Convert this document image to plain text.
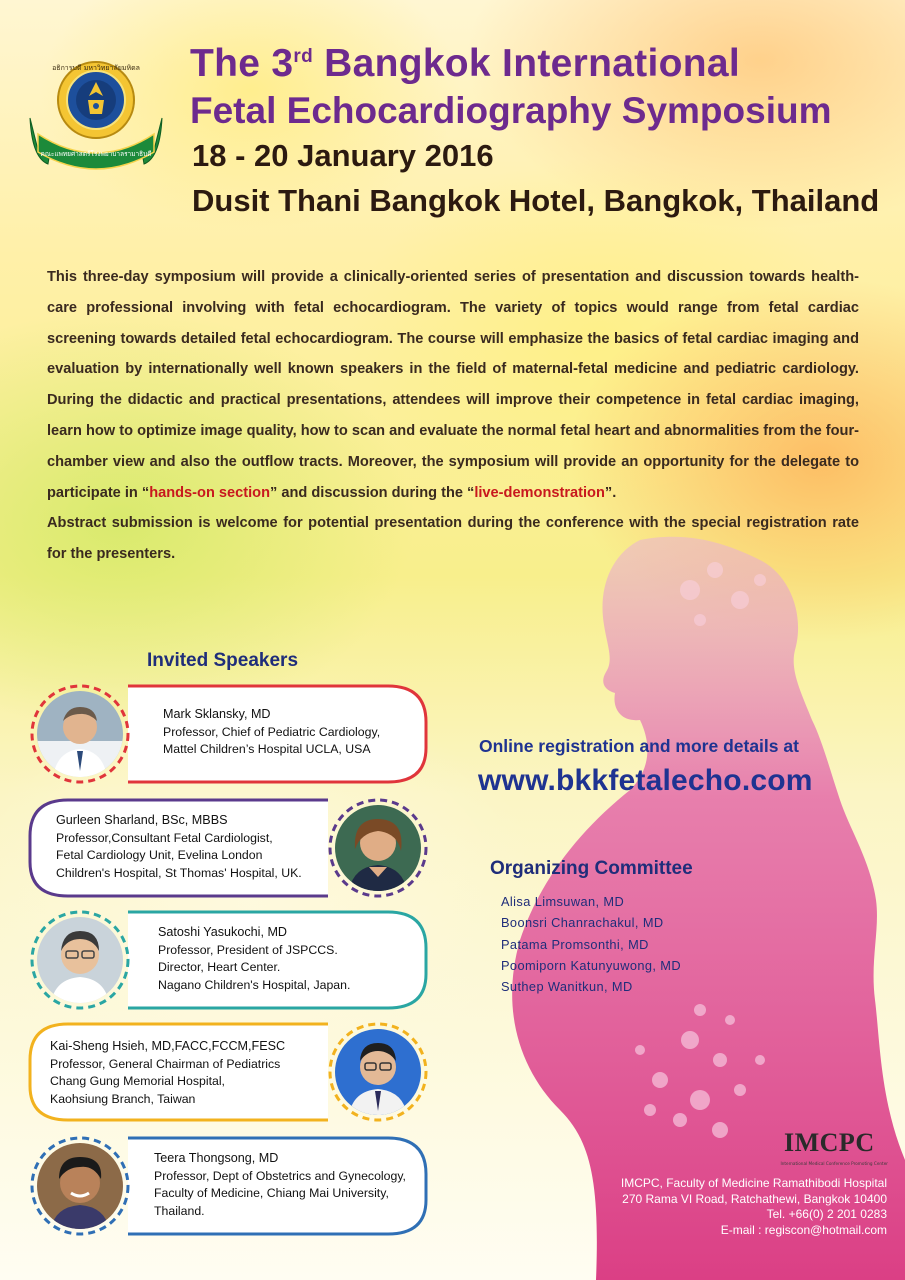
อธิการบดี มหาวิทยาลัยมหิดล
คณะแพทยศาสตร์โรงพยาบาลรามาธิบดี
The 3rd Bangkok International
Fetal Echocardiography Symposium
18 - 20 January 2016
Dusit Thani Bangkok Hotel, Bangkok, Thailand

This three-day symposium will provide a clinically-oriented series of presentation and discussion towards health-care professional involving with fetal echocardiogram. The variety of topics would range from fetal cardiac screening towards detailed fetal echocardiogram. The course will emphasize the basics of fetal cardiac imaging and evaluation by internationally well known speakers in the field of maternal-fetal medicine and pediatric cardiology. During the didactic and practical presentations, attendees will improve their competence in fetal cardiac imaging, learn how to optimize image quality, how to scan and evaluate the normal fetal heart and abnormalities from the four-chamber view and also the outflow tracts. Moreover, the symposium will provide an opportunity for the delegate to participate in “hands-on section” and discussion during the “live-demonstration”.

Abstract submission is welcome for potential presentation during the conference with the special registration rate for the presenters.

Invited Speakers
Mark Sklansky, MD
Professor, Chief of Pediatric Cardiology,
Mattel Children’s Hospital UCLA, USA
Gurleen Sharland, BSc, MBBS
Professor,Consultant Fetal Cardiologist,
Fetal Cardiology Unit, Evelina London
Children's Hospital, St Thomas' Hospital, UK.
Satoshi Yasukochi, MD
Professor, President of JSPCCS.
Director, Heart Center.
Nagano Children's Hospital, Japan.
Kai-Sheng Hsieh, MD,FACC,FCCM,FESC
Professor, General Chairman of Pediatrics
Chang Gung Memorial Hospital,
Kaohsiung Branch, Taiwan
Teera Thongsong, MD
Professor, Dept of Obstetrics and Gynecology,
Faculty of Medicine, Chiang Mai University,
Thailand.
Online registration and more details at
www.bkkfetalecho.com
Organizing Committee
Alisa Limsuwan, MD
Boonsri Chanrachakul, MD
Patama Promsonthi, MD
Poomiporn Katunyuwong, MD
Suthep Wanitkun, MD
IMCPC
International Medical Conference Promoting Center
IMCPC, Faculty of Medicine Ramathibodi Hospital
270 Rama VI Road, Ratchathewi, Bangkok 10400
Tel. +66(0) 2 201 0283
E-mail : regiscon@hotmail.com
